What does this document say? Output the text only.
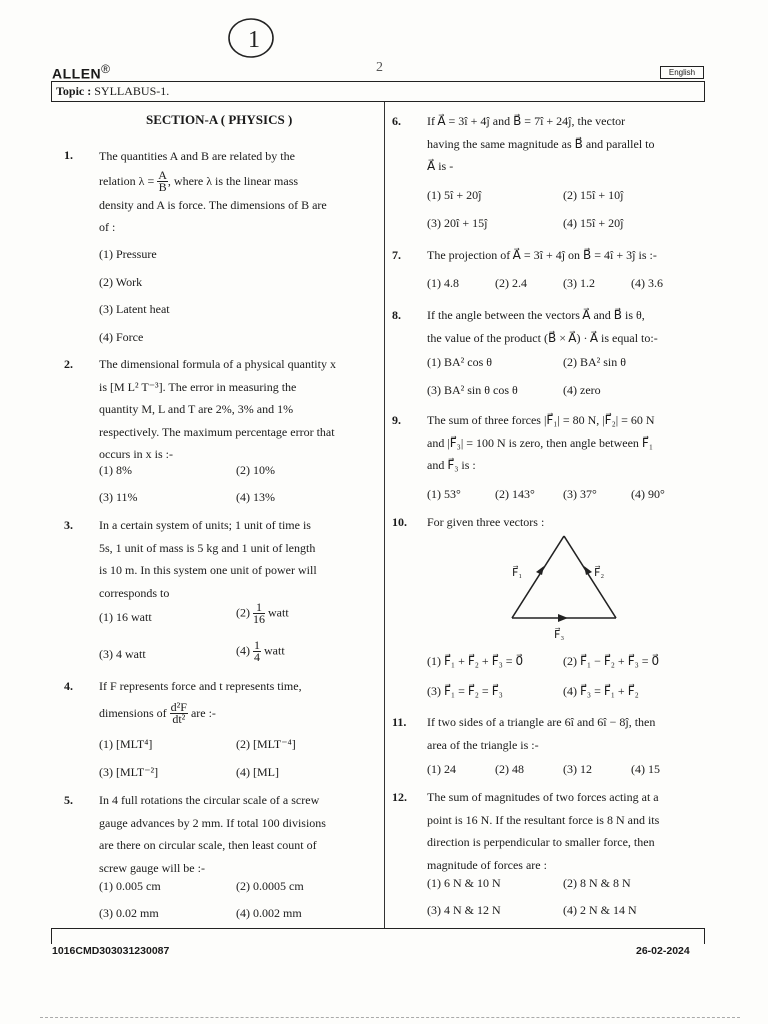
1
ALLEN®	2	English
Topic : SYLLABUS-1.
SECTION-A ( PHYSICS )
1. The quantities A and B are related by the
relation $\lambda = \frac{A}{B}$ , where λ is the linear mass
density and A is force. The dimensions of B are
of :
(1) Pressure
(2) Work
(3) Latent heat
(4) Force
2. The dimensional formula of a physical quantity x
is [M L² T⁻³]. The error in measuring the
quantity M, L and T are 2%, 3% and 1%
respectively. The maximum percentage error that
occurs in x is :-
(1) 8%	(2) 10%
(3) 11%	(4) 13%
3. In a certain system of units; 1 unit of time is
5s, 1 unit of mass is 5 kg and 1 unit of length
is 10 m. In this system one unit of power will
corresponds to
(1) 16 watt	$(2) \frac{1}{16}$ watt
(3) 4 watt	$(4) \frac{1}{4}$ watt
4. If F represents force and t represents time,
dimensions of $\frac{\text{d²F}}{\text{dt²}}$ are :-
(1) [MLT⁴]	(2) [MLT⁻⁴]
(3) [MLT⁻²]	(4) [ML]
5. In 4 full rotations the circular scale of a screw
gauge advances by 2 mm. If total 100 divisions
are there on circular scale, then least count of
screw gauge will be :-
(1) 0.005 cm	(2) 0.0005 cm
(3) 0.02 mm	(4) 0.002 mm
6. If A⃗ = 3î + 4ĵ and B⃗ = 7î + 24ĵ, the vector
having the same magnitude as B⃗ and parallel to
A⃗ is -
(1) 5î + 20ĵ	(2) 15î + 10ĵ
(3) 20î + 15ĵ	(4) 15î + 20ĵ
7. The projection of A⃗ = 3î + 4ĵ on B⃗ = 4î + 3ĵ is :-
(1) 4.8	(2) 2.4	(3) 1.2	(4) 3.6
8. If the angle between the vectors A⃗ and B⃗ is θ,
the value of the product (B⃗ × A⃗) · A⃗ is equal to:-
(1) BA² cos θ	(2) BA² sin θ
(3) BA² sin θ cos θ	(4) zero
9. The sum of three forces |F⃗₁| = 80 N, |F⃗₂| = 60 N
and |F⃗₃| = 100 N is zero, then angle between F⃗₁
and F⃗₃ is :
(1) 53°	(2) 143° (3) 37°	(4) 90°
10. For given three vectors :
F⃗₁	F⃗₂
F⃗₃
(1) F⃗₁ + F⃗₂ + F⃗₃ = 0⃗	(2) F⃗₁ − F⃗₂ + F⃗₃ = 0⃗
(3) F⃗₁ = F⃗₂ = F⃗₃	(4) F⃗₃ = F⃗₁ + F⃗₂
11. If two sides of a triangle are 6î and 6î − 8ĵ, then
area of the triangle is :-
(1) 24	(2) 48	(3) 12	(4) 15
12. The sum of magnitudes of two forces acting at a
point is 16 N. If the resultant force is 8 N and its
direction is perpendicular to smaller force, then
magnitude of forces are :
(1) 6 N & 10 N	(2) 8 N & 8 N
(3) 4 N & 12 N	(4) 2 N & 14 N
1016CMD303031230087	26-02-2024
